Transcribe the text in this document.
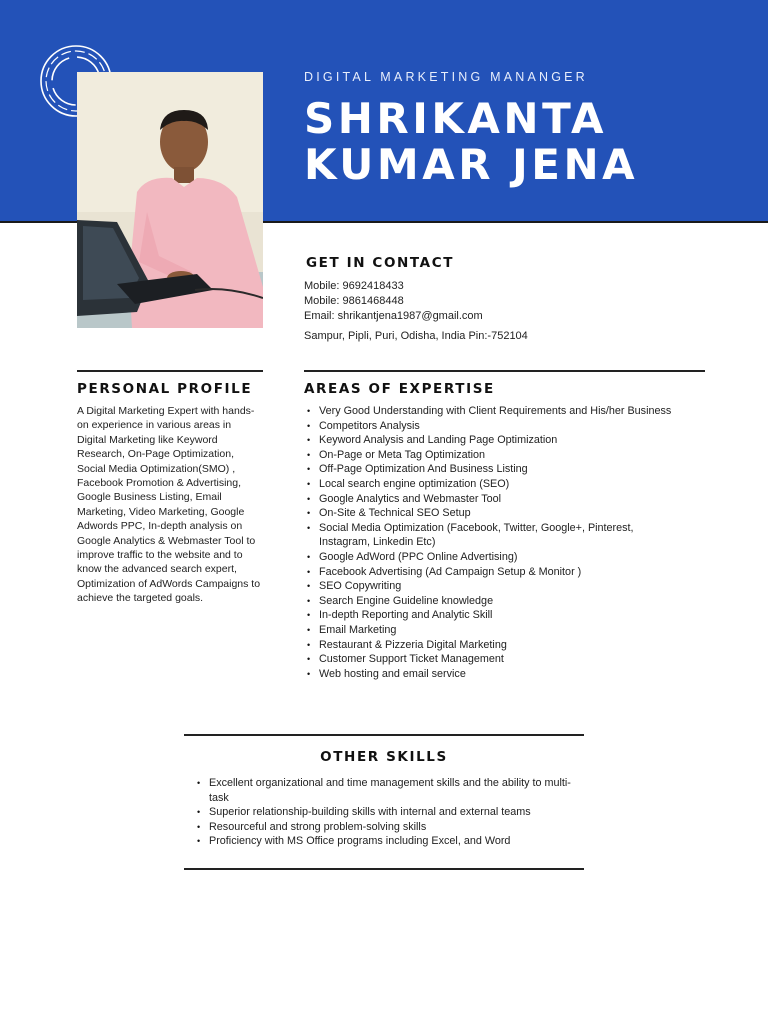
DIGITAL MARKETING MANANGER
SHRIKANTA
KUMAR JENA
GET IN CONTACT
Mobile: 9692418433
Mobile: 9861468448
Email: shrikantjena1987@gmail.com
Sampur, Pipli, Puri, Odisha, India Pin:-752104
PERSONAL PROFILE
A Digital Marketing Expert with hands-on experience in various areas in Digital Marketing like Keyword Research, On-Page Optimization, Social Media Optimization(SMO) , Facebook Promotion & Advertising, Google Business Listing, Email Marketing, Video Marketing, Google Adwords PPC, In-depth analysis on Google Analytics & Webmaster Tool to improve traffic to the website and to know the advanced search expert, Optimization of AdWords Campaigns to achieve the targeted goals.
AREAS OF EXPERTISE
• Very Good Understanding with Client Requirements and His/her Business
• Competitors Analysis
• Keyword Analysis and Landing Page Optimization
• On-Page or Meta Tag Optimization
• Off-Page Optimization And Business Listing
• Local search engine optimization (SEO)
• Google Analytics and Webmaster Tool
• On-Site & Technical SEO Setup
• Social Media Optimization (Facebook, Twitter, Google+, Pinterest, Instagram, Linkedin Etc)
• Google AdWord (PPC Online Advertising)
• Facebook Advertising (Ad Campaign Setup & Monitor )
• SEO Copywriting
• Search Engine Guideline knowledge
• In-depth Reporting and Analytic Skill
• Email Marketing
• Restaurant & Pizzeria Digital Marketing
• Customer Support Ticket Management
• Web hosting and email service
OTHER SKILLS
• Excellent organizational and time management skills and the ability to multi-task
• Superior relationship-building skills with internal and external teams
• Resourceful and strong problem-solving skills
• Proficiency with MS Office programs including Excel, and Word
